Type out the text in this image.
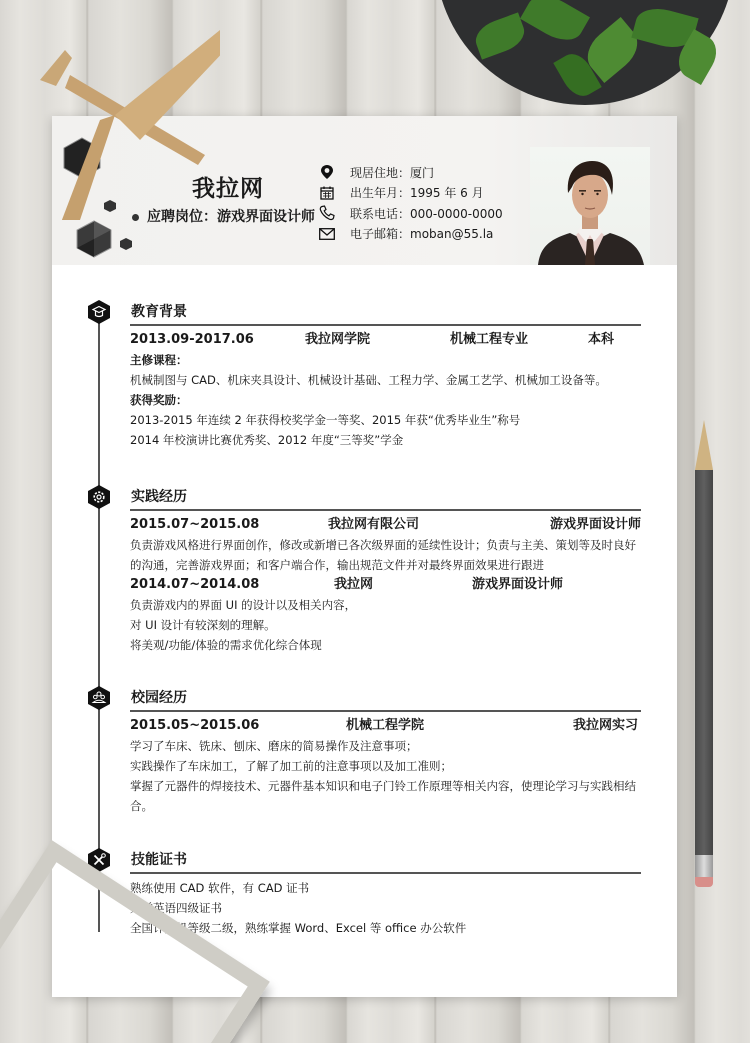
我拉网
应聘岗位：游戏界面设计师
现居住地：厦门
出生年月：1995 年 6 月
联系电话：000-0000-0000
电子邮箱：moban@55.la
教育背景
2013.09-2017.06	我拉网学院	机械工程专业	本科
主修课程：
机械制图与 CAD、机床夹具设计、机械设计基础、工程力学、金属工艺学、机械加工设备等。
获得奖励：
2013-2015 年连续 2 年获得校奖学金一等奖、2015 年获“优秀毕业生”称号
2014 年校演讲比赛优秀奖、2012 年度“三等奖”学金
实践经历
2015.07~2015.08	我拉网有限公司	游戏界面设计师
负责游戏风格进行界面创作，修改或新增已各次级界面的延续性设计；负责与主美、策划等及时良好
的沟通，完善游戏界面；和客户端合作，输出规范文件并对最终界面效果进行跟进
2014.07~2014.08	我拉网	游戏界面设计师
负责游戏内的界面 UI 的设计以及相关内容，
对 UI 设计有较深刻的理解。
将美观/功能/体验的需求优化综合体现
校园经历
2015.05~2015.06	机械工程学院	我拉网实习
学习了车床、铣床、刨床、磨床的简易操作及注意事项；
实践操作了车床加工，了解了加工前的注意事项以及加工准则；
掌握了元器件的焊接技术、元器件基本知识和电子门铃工作原理等相关内容，使理论学习与实践相结
合。
技能证书
熟练使用 CAD 软件，有 CAD 证书
大学英语四级证书
全国计算机等级二级，熟练掌握 Word、Excel 等 office 办公软件
